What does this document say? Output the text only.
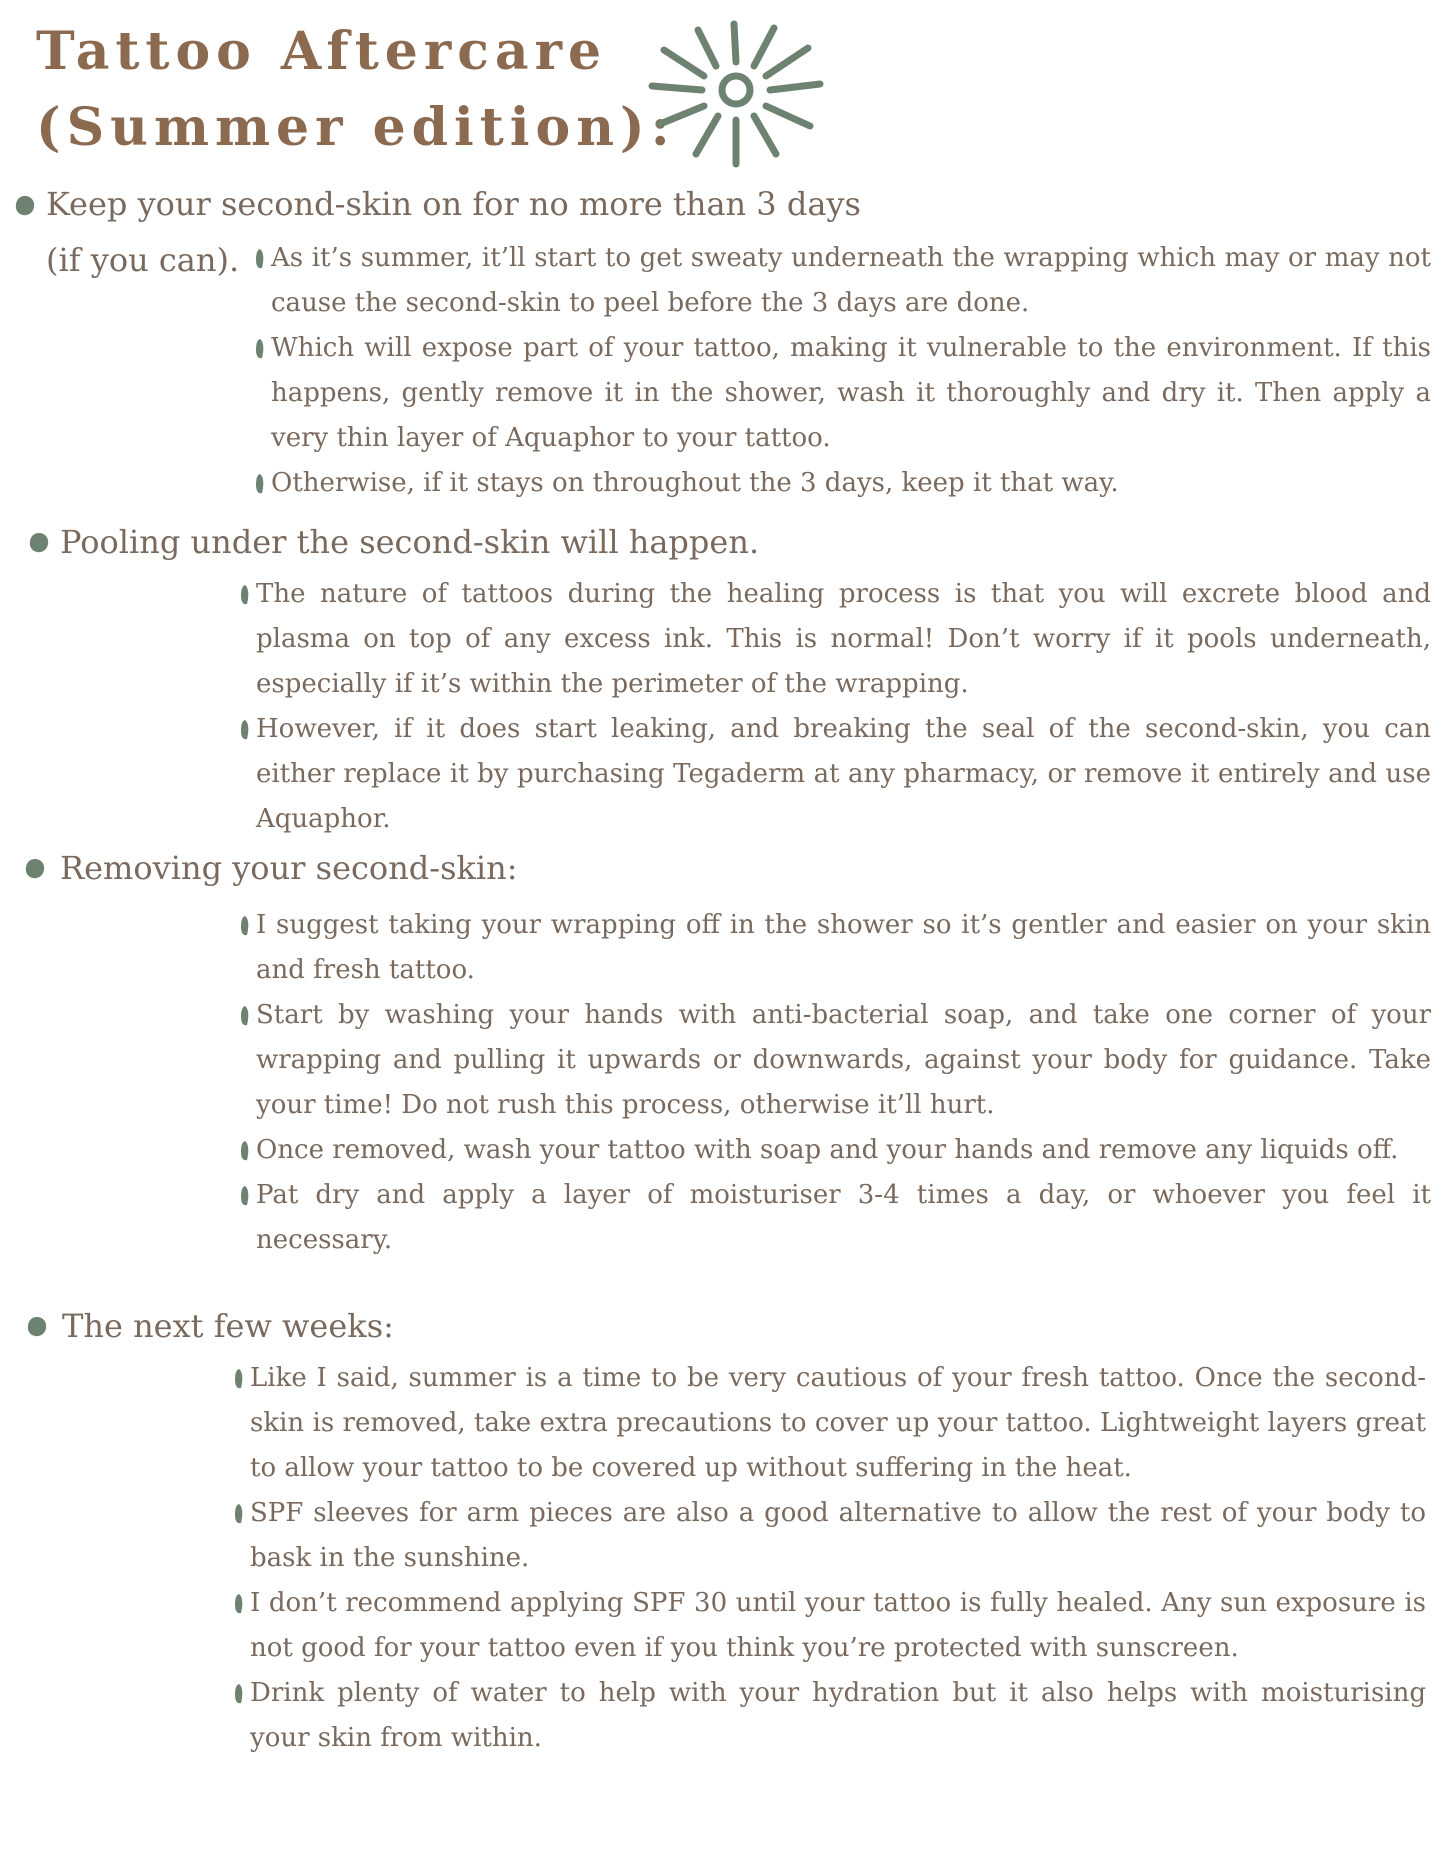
Tattoo Aftercare
(Summer edition):
Keep your second-skin on for no more than 3 days
(if you can). As it’s summer, it’ll start to get sweaty underneath the wrapping which may or may not cause the second-skin to peel before the 3 days are done.
Which will expose part of your tattoo, making it vulnerable to the environment. If this happens, gently remove it in the shower, wash it thoroughly and dry it. Then apply a very thin layer of Aquaphor to your tattoo.
Otherwise, if it stays on throughout the 3 days, keep it that way.
Pooling under the second-skin will happen.
The nature of tattoos during the healing process is that you will excrete blood and plasma on top of any excess ink. This is normal! Don’t worry if it pools underneath, especially if it’s within the perimeter of the wrapping.
However, if it does start leaking, and breaking the seal of the second-skin, you can either replace it by purchasing Tegaderm at any pharmacy, or remove it entirely and use Aquaphor.
Removing your second-skin:
I suggest taking your wrapping off in the shower so it’s gentler and easier on your skin and fresh tattoo.
Start by washing your hands with anti-bacterial soap, and take one corner of your wrapping and pulling it upwards or downwards, against your body for guidance. Take your time! Do not rush this process, otherwise it’ll hurt.
Once removed, wash your tattoo with soap and your hands and remove any liquids off.
Pat dry and apply a layer of moisturiser 3-4 times a day, or whoever you feel it necessary.
The next few weeks:
Like I said, summer is a time to be very cautious of your fresh tattoo. Once the second-skin is removed, take extra precautions to cover up your tattoo. Lightweight layers great to allow your tattoo to be covered up without suffering in the heat.
SPF sleeves for arm pieces are also a good alternative to allow the rest of your body to bask in the sunshine.
I don’t recommend applying SPF 30 until your tattoo is fully healed. Any sun exposure is not good for your tattoo even if you think you’re protected with sunscreen.
Drink plenty of water to help with your hydration but it also helps with moisturising your skin from within.
